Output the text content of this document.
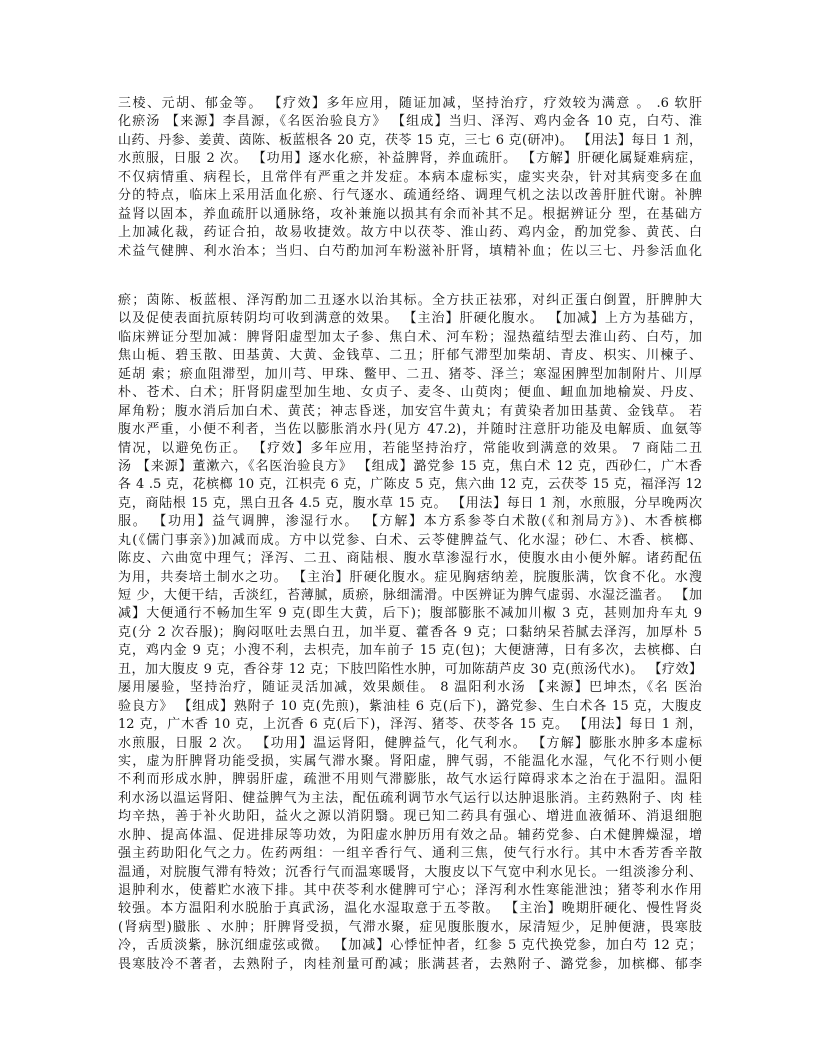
三棱、元胡、郁金等。 【疗效】多年应用，随证加减，坚持治疗，疗效较为满意 。 .6 软肝
化瘀汤 【来源】李昌源，《名医治验良方》 【组成】当归、泽泻、鸡内金各 10 克，白芍、淮
山药、丹参、姜黄、茵陈、板蓝根各 20 克，茯苓 15 克，三七 6 克(研冲)。 【用法】每日 1 剂，
水煎服，日服 2 次。 【功用】逐水化瘀，补益脾肾，养血疏肝。 【方解】肝硬化属疑难病症，
不仅病情重、病程长，且常伴有严重之并发症。本病本虚标实，虚实夹杂，针对其病变多在血
分的特点，临床上采用活血化瘀、行气逐水、疏通经络、调理气机之法以改善肝脏代谢。补脾
益肾以固本，养血疏肝以通脉络，攻补兼施以损其有余而补其不足。根据辨证分 型，在基础方
上加减化裁，药证合拍，故易收捷效。故方中以茯苓、淮山药、鸡内金，酌加党参、黄芪、白
术益气健脾、利水治本；当归、白芍酌加河车粉滋补肝肾，填精补血；佐以三七、丹参活血化
瘀；茵陈、板蓝根、泽泻酌加二丑逐水以治其标。全方扶正祛邪，对纠正蛋白倒置，肝脾肿大
以及促使表面抗原转阴均可收到满意的效果。 【主治】肝硬化腹水。 【加减】上方为基础方，
临床辨证分型加减：脾肾阳虚型加太子参、焦白术、河车粉；湿热蕴结型去淮山药、白芍，加
焦山栀、碧玉散、田基黄、大黄、金钱草、二丑；肝郁气滞型加柴胡、青皮、枳实、川楝子、
延胡 索；瘀血阻滞型，加川芎、甲珠、鳖甲、二丑、猪苓、泽兰；寒湿困脾型加制附片、川厚
朴、苍术、白术；肝肾阴虚型加生地、女贞子、麦冬、山萸肉；便血、衄血加地榆炭、丹皮、
犀角粉；腹水消后加白术、黄芪；神志昏迷，加安宫牛黄丸；有黄染者加田基黄、金钱草。 若
腹水严重，小便不利者，当佐以膨胀消水丹(见方 47.2)，并随时注意肝功能及电解质、血氨等
情况，以避免伤正。 【疗效】多年应用，若能坚持治疗，常能收到满意的效果。 7 商陆二丑
汤 【来源】董漱六，《名医治验良方》 【组成】潞党参 15 克，焦白术 12 克，西砂仁，广木香
各 4 .5 克，花槟榔 10 克，江枳壳 6 克，广陈皮 5 克，焦六曲 12 克，云茯苓 15 克，福泽泻 12
克，商陆根 15 克，黑白丑各 4.5 克，腹水草 15 克。 【用法】每日 1 剂，水煎服，分早晚两次
服。 【功用】益气调脾，渗湿行水。 【方解】本方系参苓白术散(《和剂局方》)、木香槟榔
丸(《儒门事亲》)加减而成。方中以党参、白术、云苓健脾益气、化水湿；砂仁、木香、槟榔、
陈皮、六曲宽中理气；泽泻、二丑、商陆根、腹水草渗湿行水，使腹水由小便外解。诸药配伍
为用，共奏培土制水之功。 【主治】肝硬化腹水。症见胸痞纳差，脘腹胀满，饮食不化。水溲
短 少，大便干结，舌淡红，苔薄腻，质瘀，脉细濡滑。中医辨证为脾气虚弱、水湿泛滥者。 【加
减】大便通行不畅加生军 9 克(即生大黄，后下)；腹部膨胀不减加川椒 3 克，甚则加舟车丸 9
克(分 2 次吞服)；胸闷呕吐去黑白丑，加半夏、藿香各 9 克；口黏纳呆苔腻去泽泻，加厚朴 5
克，鸡内金 9 克；小溲不利，去枳壳，加车前子 15 克(包)；大便溏薄，日有多次，去槟榔、白
丑，加大腹皮 9 克，香谷芽 12 克；下肢凹陷性水肿，可加陈葫芦皮 30 克(煎汤代水)。 【疗效】
屡用屡验，坚持治疗，随证灵活加减，效果颇佳。 8 温阳利水汤 【来源】巴坤杰，《名 医治
验良方》 【组成】熟附子 10 克(先煎)，紫油桂 6 克(后下)，潞党参、生白术各 15 克，大腹皮
12 克，广木香 10 克，上沉香 6 克(后下)，泽泻、猪苓、茯苓各 15 克。 【用法】每日 1 剂，
水煎服，日服 2 次。 【功用】温运肾阳，健脾益气，化气利水。 【方解】膨胀水肿多本虚标
实，虚为肝脾肾功能受损，实属气滞水聚。肾阳虚，脾气弱，不能温化水湿，气化不行则小便
不利而形成水肿，脾弱肝虚，疏泄不用则气滞膨胀，故气水运行障碍求本之治在于温阳。温阳
利水汤以温运肾阳、健益脾气为主法，配伍疏利调节水气运行以达肿退胀消。主药熟附子、肉 桂
均辛热，善于补火助阳，益火之源以消阴翳。现已知二药具有强心、增进血液循环、消退细胞
水肿、提高体温、促进排尿等功效，为阳虚水肿历用有效之品。辅药党参、白术健脾燥湿，增
强主药助阳化气之力。佐药两组：一组辛香行气、通利三焦，使气行水行。其中木香芳香辛散
温通，对脘腹气滞有特效；沉香行气而温寒暖肾，大腹皮以下气宽中利水见长。一组淡渗分利、
退肿利水，使蓄贮水液下排。其中茯苓利水健脾可宁心；泽泻利水性寒能泄浊；猪苓利水作用
较强。本方温阳利水脱胎于真武汤，温化水湿取意于五苓散。 【主治】晚期肝硬化、慢性肾炎
(肾病型)臌胀 、水肿；肝脾肾受损，气滞水聚，症见腹胀腹水，尿清短少，足肿便溏，畏寒肢
冷，舌质淡紫，脉沉细虚弦或微。 【加减】心悸怔忡者，红参 5 克代换党参，加白芍 12 克；
畏寒肢冷不著者，去熟附子，肉桂剂量可酌减；胀满甚者，去熟附子、潞党参，加槟榔、郁李
